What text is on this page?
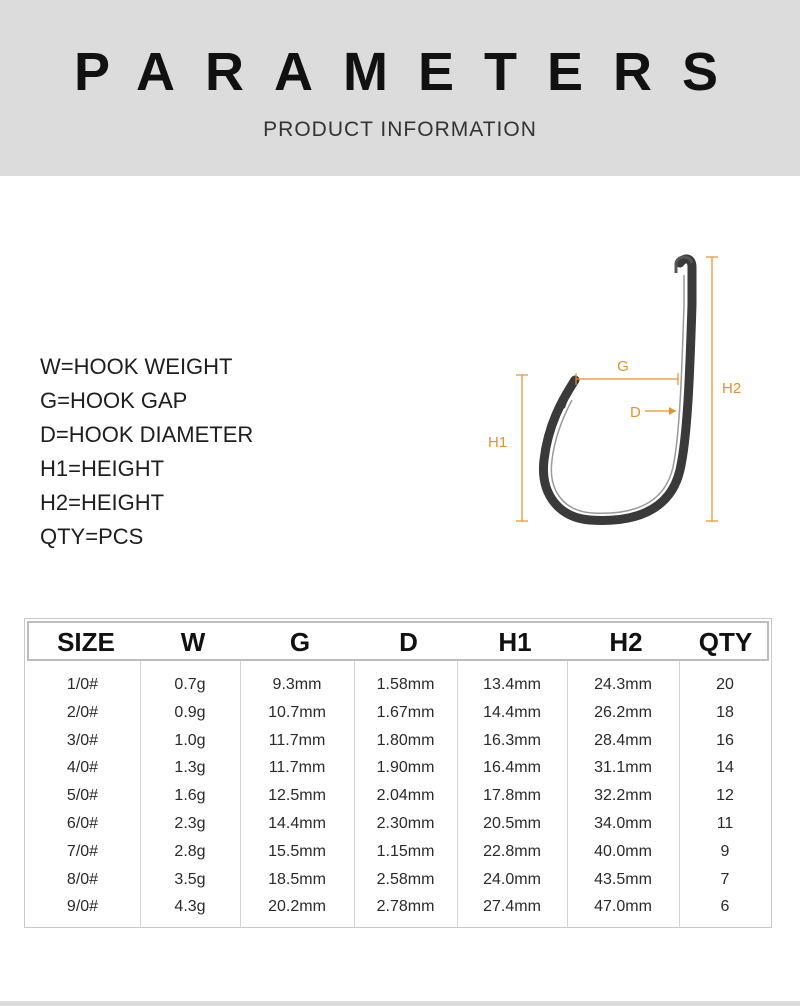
PARAMETERS
PRODUCT INFORMATION
W=HOOK WEIGHT
G=HOOK GAP
D=HOOK DIAMETER
H1=HEIGHT
H2=HEIGHT
QTY=PCS
G
D
H1
H2
SIZE	W	G	D	H1	H2	QTY
1/0#	0.7g	9.3mm	1.58mm	13.4mm	24.3mm	20
2/0#	0.9g	10.7mm	1.67mm	14.4mm	26.2mm	18
3/0#	1.0g	11.7mm	1.80mm	16.3mm	28.4mm	16
4/0#	1.3g	11.7mm	1.90mm	16.4mm	31.1mm	14
5/0#	1.6g	12.5mm	2.04mm	17.8mm	32.2mm	12
6/0#	2.3g	14.4mm	2.30mm	20.5mm	34.0mm	11
7/0#	2.8g	15.5mm	1.15mm	22.8mm	40.0mm	9
8/0#	3.5g	18.5mm	2.58mm	24.0mm	43.5mm	7
9/0#	4.3g	20.2mm	2.78mm	27.4mm	47.0mm	6
